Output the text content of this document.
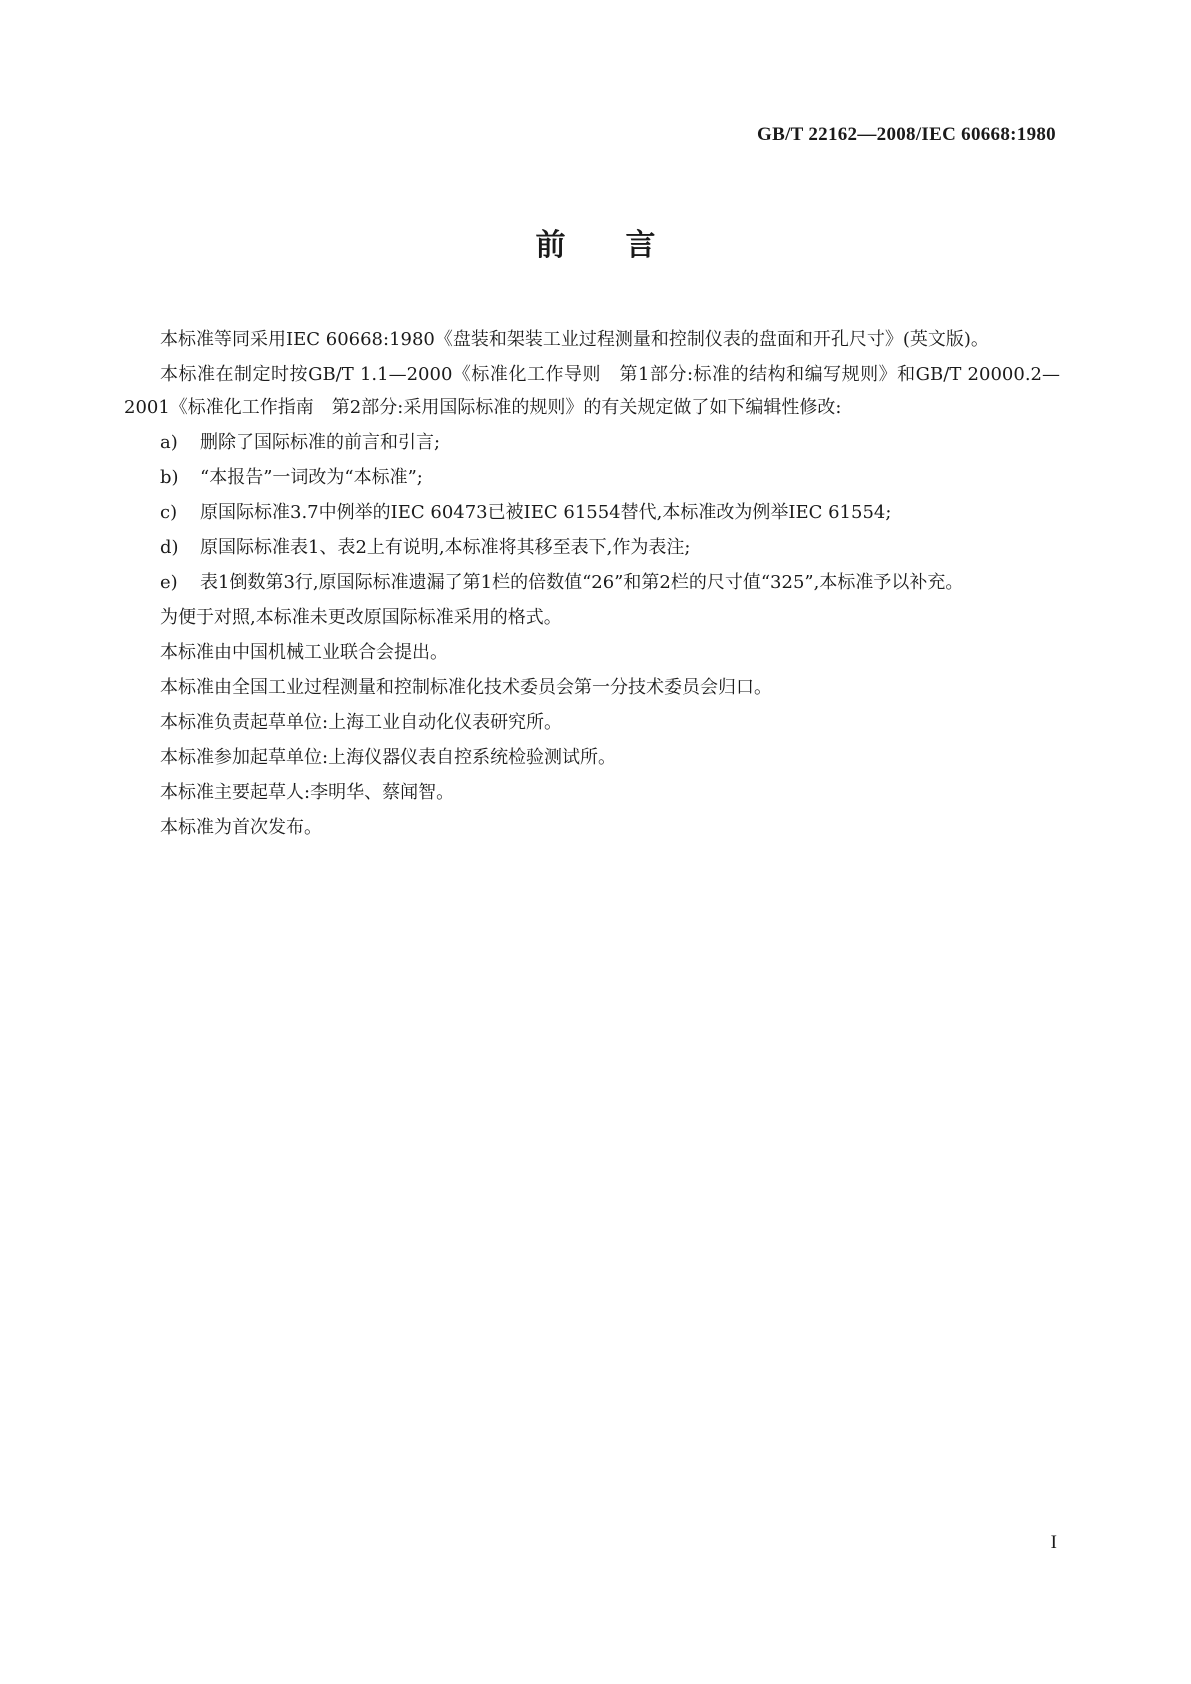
GB/T 22162—2008/IEC 60668:1980
前言

本标准等同采用IEC 60668:1980《盘装和架装工业过程测量和控制仪表的盘面和开孔尺寸》(英文版)。

本标准在制定时按GB/T 1.1—2000《标准化工作导则　第1部分:标准的结构和编写规则》和GB/T 20000.2—2001《标准化工作指南　第2部分:采用国际标准的规则》的有关规定做了如下编辑性修改:

a)	删除了国际标准的前言和引言;
b)	“本报告”一词改为“本标准”;
c)	原国际标准3.7中例举的IEC 60473已被IEC 61554替代,本标准改为例举IEC 61554;
d)	原国际标准表1、表2上有说明,本标准将其移至表下,作为表注;
e)	表1倒数第3行,原国际标准遗漏了第1栏的倍数值“26”和第2栏的尺寸值“325”,本标准予以补充。

为便于对照,本标准未更改原国际标准采用的格式。

本标准由中国机械工业联合会提出。

本标准由全国工业过程测量和控制标准化技术委员会第一分技术委员会归口。

本标准负责起草单位:上海工业自动化仪表研究所。

本标准参加起草单位:上海仪器仪表自控系统检验测试所。

本标准主要起草人:李明华、蔡闻智。

本标准为首次发布。

I
